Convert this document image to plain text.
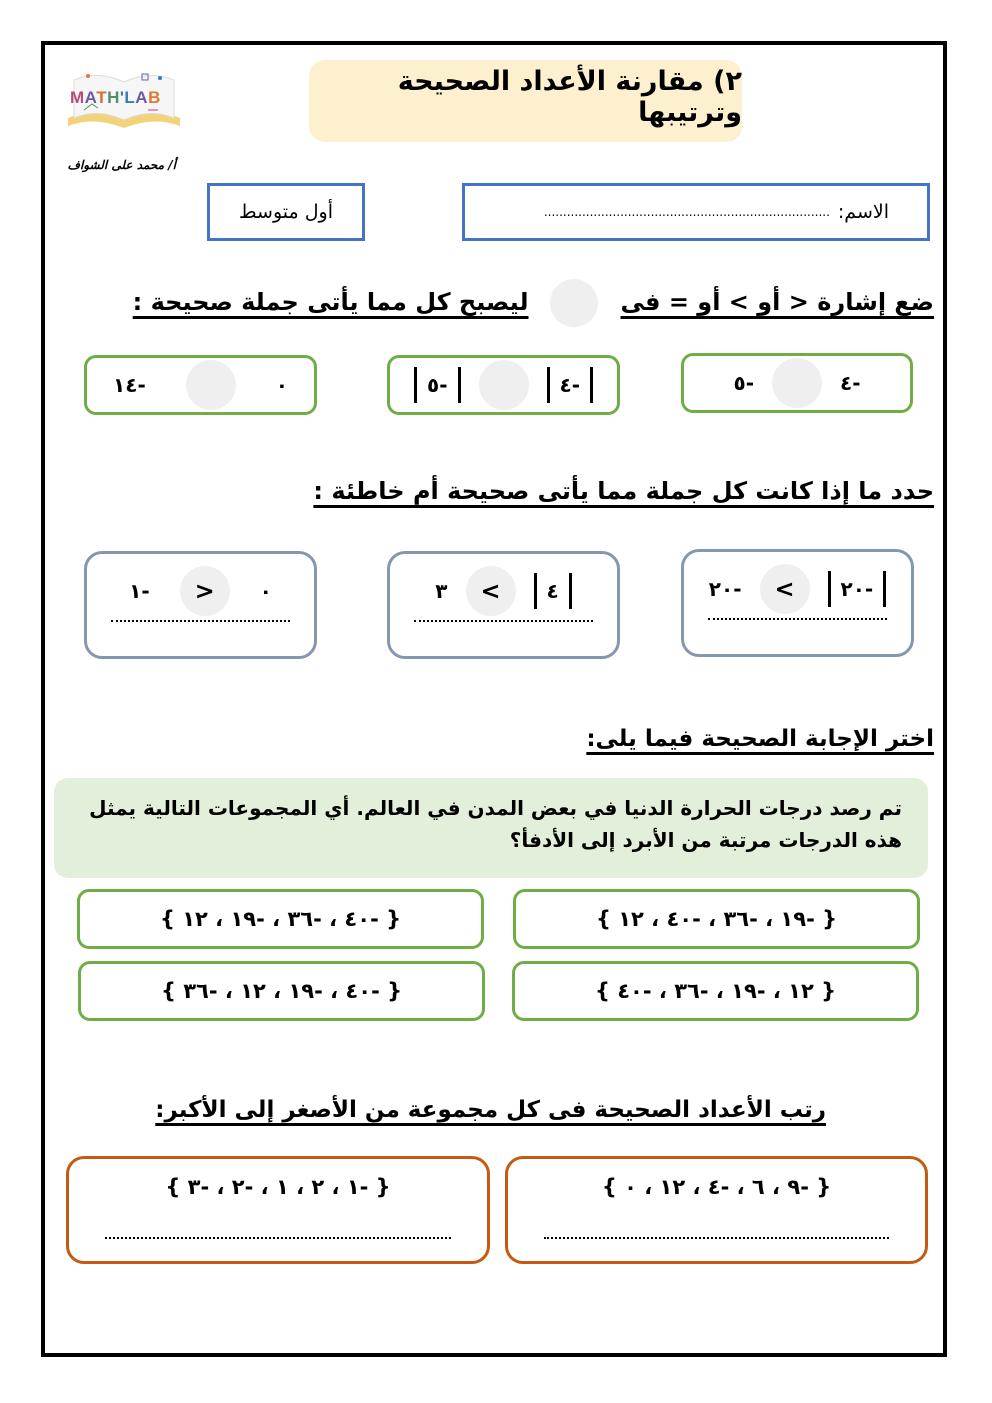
MATH'LAB
أ/ محمد على الشواف
٢) مقارنة الأعداد الصحيحة وترتيبها
أول متوسط	الاسم:
...........................................................................
ضع إشارة < أو > أو = فىليصبح كل مما يأتى جملة صحيحة :
-٤
-٥
-٤
-٥
٠
-١٤
حدد ما إذا كانت كل جملة مما يأتى صحيحة أم خاطئة :
-٢٠
>
-٢٠
٤
>
٣
٠
<
-١
اختر الإجابة الصحيحة فيما يلى:
تم رصد درجات الحرارة الدنيا في بعض المدن في العالم. أي المجموعات التالية يمثل
هذه الدرجات مرتبة من الأبرد إلى الأدفأ؟
{ -١٩ ، -٣٦ ، -٤٠ ، ١٢ }
{ -٤٠ ، -٣٦ ، -١٩ ، ١٢ }
{ ١٢ ، -١٩ ، -٣٦ ، -٤٠ }
{ -٤٠ ، -١٩ ، ١٢ ، -٣٦ }
رتب الأعداد الصحيحة فى كل مجموعة من الأصغر إلى الأكبر:
{ -٩ ، ٦ ، -٤ ، ١٢ ، ٠ }
{ -١ ، ٢ ، ١ ، -٢ ، -٣ }
